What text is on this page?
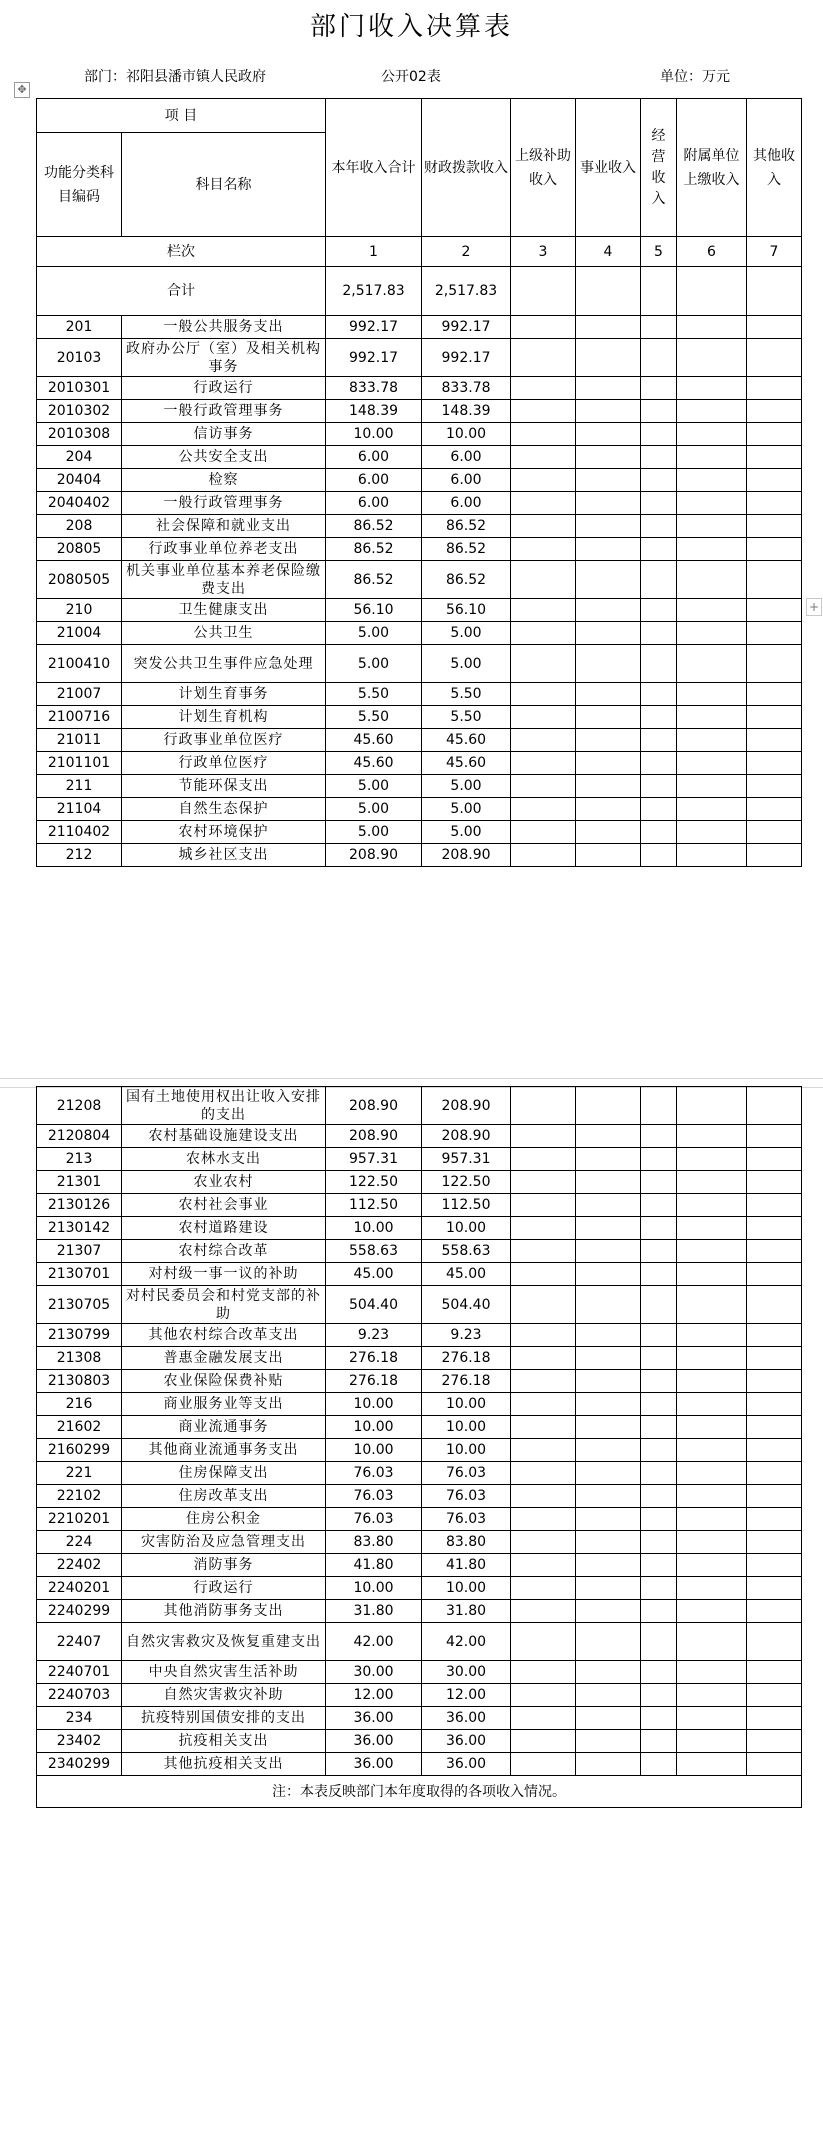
部门收入决算表
部门：祁阳县潘市镇人民政府	公开02表	单位：万元
✥
+
项 目		本年收入合计	财政拨款收入	上级补助收入	事业收入	经营收入	附属单位上缴收入	其他收入

功能分类科目编码	科目名称							
栏次		1	2	3	4	5	6	7
合计		2,517.83	2,517.83					
201	一般公共服务支出	992.17	992.17					
20103	政府办公厅（室）及相关机构事务	992.17	992.17					
2010301	行政运行	833.78	833.78					
2010302	一般行政管理事务	148.39	148.39					
2010308	信访事务	10.00	10.00					
204	公共安全支出	6.00	6.00					
20404	检察	6.00	6.00					
2040402	一般行政管理事务	6.00	6.00					
208	社会保障和就业支出	86.52	86.52					
20805	行政事业单位养老支出	86.52	86.52					
2080505	机关事业单位基本养老保险缴费支出	86.52	86.52					
210	卫生健康支出	56.10	56.10					
21004	公共卫生	5.00	5.00					
2100410	突发公共卫生事件应急处理	5.00	5.00					
21007	计划生育事务	5.50	5.50					
2100716	计划生育机构	5.50	5.50					
21011	行政事业单位医疗	45.60	45.60					
2101101	行政单位医疗	45.60	45.60					
211	节能环保支出	5.00	5.00					
21104	自然生态保护	5.00	5.00					
2110402	农村环境保护	5.00	5.00					
212	城乡社区支出	208.90	208.90					
21208	国有土地使用权出让收入安排的支出	208.90	208.90					
2120804	农村基础设施建设支出	208.90	208.90					
213	农林水支出	957.31	957.31					
21301	农业农村	122.50	122.50					
2130126	农村社会事业	112.50	112.50					
2130142	农村道路建设	10.00	10.00					
21307	农村综合改革	558.63	558.63					
2130701	对村级一事一议的补助	45.00	45.00					
2130705	对村民委员会和村党支部的补助	504.40	504.40					
2130799	其他农村综合改革支出	9.23	9.23					
21308	普惠金融发展支出	276.18	276.18					
2130803	农业保险保费补贴	276.18	276.18					
216	商业服务业等支出	10.00	10.00					
21602	商业流通事务	10.00	10.00					
2160299	其他商业流通事务支出	10.00	10.00					
221	住房保障支出	76.03	76.03					
22102	住房改革支出	76.03	76.03					
2210201	住房公积金	76.03	76.03					
224	灾害防治及应急管理支出	83.80	83.80					
22402	消防事务	41.80	41.80					
2240201	行政运行	10.00	10.00					
2240299	其他消防事务支出	31.80	31.80					
22407	自然灾害救灾及恢复重建支出	42.00	42.00					
2240701	中央自然灾害生活补助	30.00	30.00					
2240703	自然灾害救灾补助	12.00	12.00					
234	抗疫特别国债安排的支出	36.00	36.00					
23402	抗疫相关支出	36.00	36.00					
2340299	其他抗疫相关支出	36.00	36.00					
注：本表反映部门本年度取得的各项收入情况。								
